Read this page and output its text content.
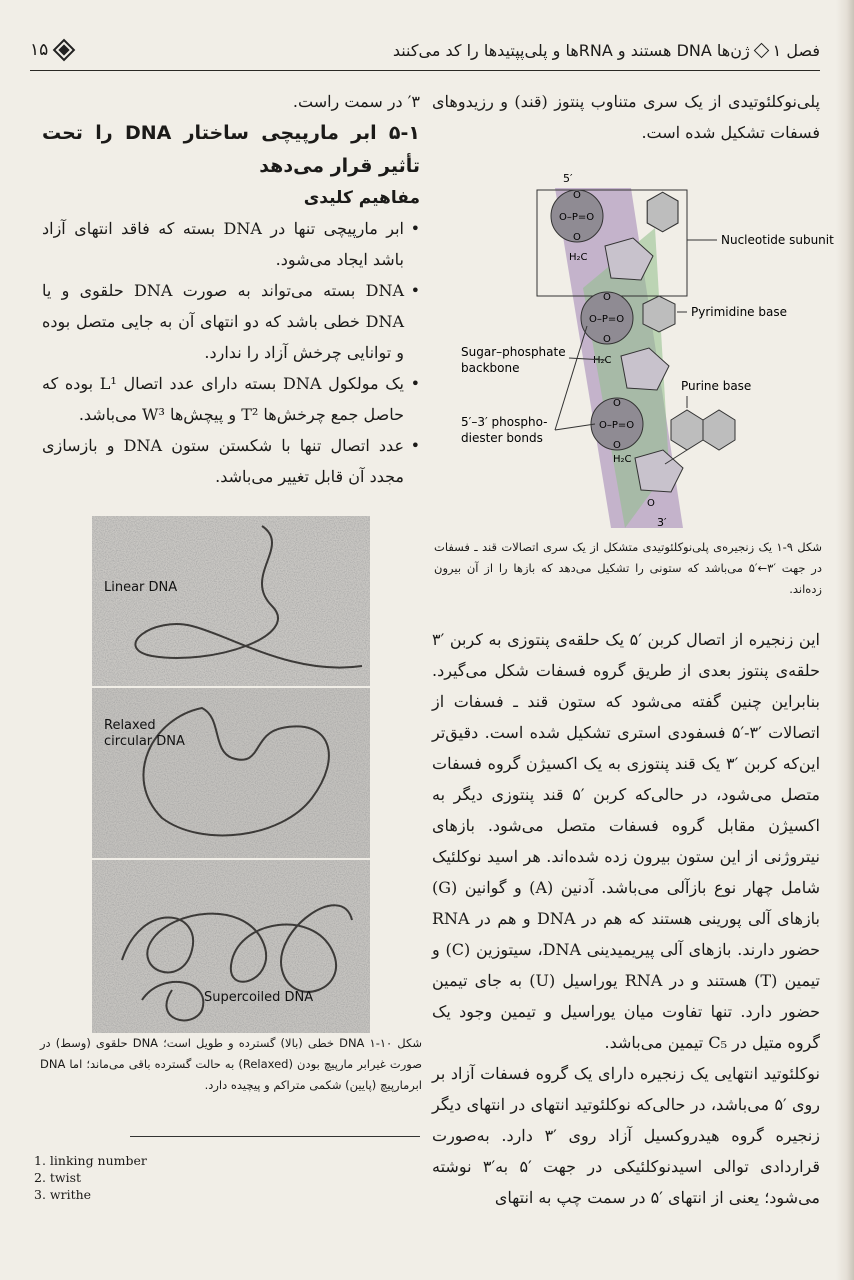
۱۵	فصل ۱
ژن‌ها DNA هستند و RNAها و پلی‌پپتیدها را کد می‌کنند

پلی‌نوکلئوتیدی از یک سری متناوب پنتوز (قند) و رزیدوهای فسفات تشکیل شده است.

O
O–P=O
O
5′
H₂C
O
O–P=O
O
H₂C
O
O–P=O
O
H₂C
O
3′
Nucleotide subunit
Pyrimidine base
Sugar–phosphate
backbone
Purine base
5′–3′ phospho-
diester bonds
شکل ۹-۱ یک زنجیره‌ی پلی‌نوکلئوتیدی متشکل از یک سری اتصالات قند ـ فسفات در جهت ′۳←′۵ می‌باشد که ستونی را تشکیل می‌دهد که بازها را از آن بیرون زده‌اند.

این زنجیره از اتصال کربن ′۵ یک حلقه‌ی پنتوزی به کربن ′۳ حلقه‌ی پنتوز بعدی از طریق گروه فسفات شکل می‌گیرد. بنابراین چنین گفته می‌شود که ستون قند ـ فسفات از اتصالات ′۳-′۵ فسفودی استری تشکیل شده است. دقیق‌تر این‌که کربن ′۳ یک قند پنتوزی به یک اکسیژن گروه فسفات متصل می‌شود، در حالی‌که کربن ′۵ قند پنتوزی دیگر به اکسیژن مقابل گروه فسفات متصل می‌شود. بازهای نیتروژنی از این ستون بیرون زده شده‌اند. هر اسید نوکلئیک شامل چهار نوع بازآلی می‌باشد. آدنین (A) و گوانین (G) بازهای آلی پورینی هستند که هم در DNA و هم در RNA حضور دارند. بازهای آلی پیریمیدینی DNA، سیتوزین (C) و تیمین (T) هستند و در RNA یوراسیل (U) به جای تیمین حضور دارد. تنها تفاوت میان یوراسیل و تیمین وجود یک گروه متیل در C₅ تیمین می‌باشد.

نوکلئوتید انتهایی یک زنجیره دارای یک گروه فسفات آزاد بر روی ′۵ می‌باشد، در حالی‌که نوکلئوتید انتهای در انتهای دیگر زنجیره گروه هیدروکسیل آزاد روی ′۳ دارد. به‌صورت قراردادی توالی اسیدنوکلئیکی در جهت ′۵ به‌′۳ نوشته می‌شود؛ یعنی از انتهای ′۵ در سمت چپ به انتهای

′۳ در سمت راست.

۵-۱ ابر مارپیچی ساختار DNA را تحت تأثیر قرار می‌دهد

مفاهیم کلیدی

• ابر مارپیچی تنها در DNA بسته که فاقد انتهای آزاد باشد ایجاد می‌شود.
• DNA بسته می‌تواند به صورت DNA حلقوی و یا DNA خطی باشد که دو انتهای آن به جایی متصل بوده و توانایی چرخش آزاد را ندارد.
• یک مولکول DNA بسته دارای عدد اتصال L¹ بوده که حاصل جمع چرخش‌ها T² و پیچش‌ها W³ می‌باشد.
• عدد اتصال تنها با شکستن ستون DNA و بازسازی مجدد آن قابل تغییر می‌باشد.
Linear DNA
Relaxed
circular DNA
Supercoiled DNA
شکل ۱۰-۱ DNA خطی (بالا) گسترده و طویل است؛ DNA حلقوی (وسط) در صورت غیرابر مارپیچ بودن (Relaxed) به حالت گسترده باقی می‌ماند؛ اما DNA ابرمارپیچ (پایین) شکمی متراکم و پیچیده دارد.
1. linking number
2. twist
3. writhe
